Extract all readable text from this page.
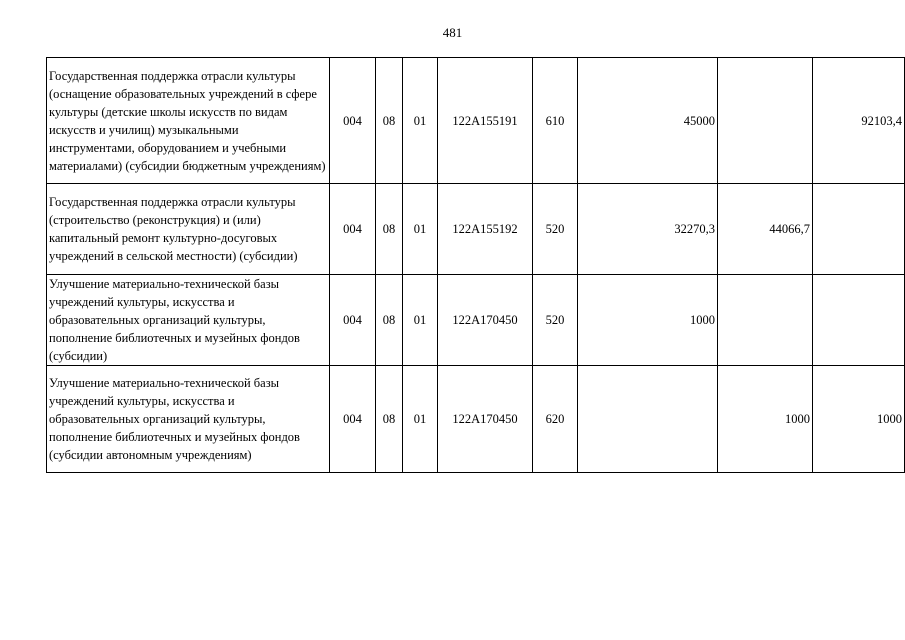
481
Государственная поддержка отрасли культуры (оснащение образовательных учреждений в сфере культуры (детские школы искусств по видам искусств и училищ) музыкальными инструментами, оборудованием и учебными материалами) (субсидии бюджетным учреждениям)	004	08	01	122А155191	610	45000		92103,4
Государственная поддержка отрасли культуры (строительство (реконструкция) и (или) капитальный ремонт культурно-досуговых учреждений в сельской местности) (субсидии)	004	08	01	122А155192	520	32270,3	44066,7	
Улучшение материально-технической базы учреждений культуры, искусства и образовательных организаций культуры, пополнение библиотечных и музейных фондов (субсидии)	004	08	01	122А170450	520	1000		
Улучшение материально-технической базы учреждений культуры, искусства и образовательных организаций культуры, пополнение библиотечных и музейных фондов (субсидии автономным учреждениям)	004	08	01	122А170450	620		1000	1000
